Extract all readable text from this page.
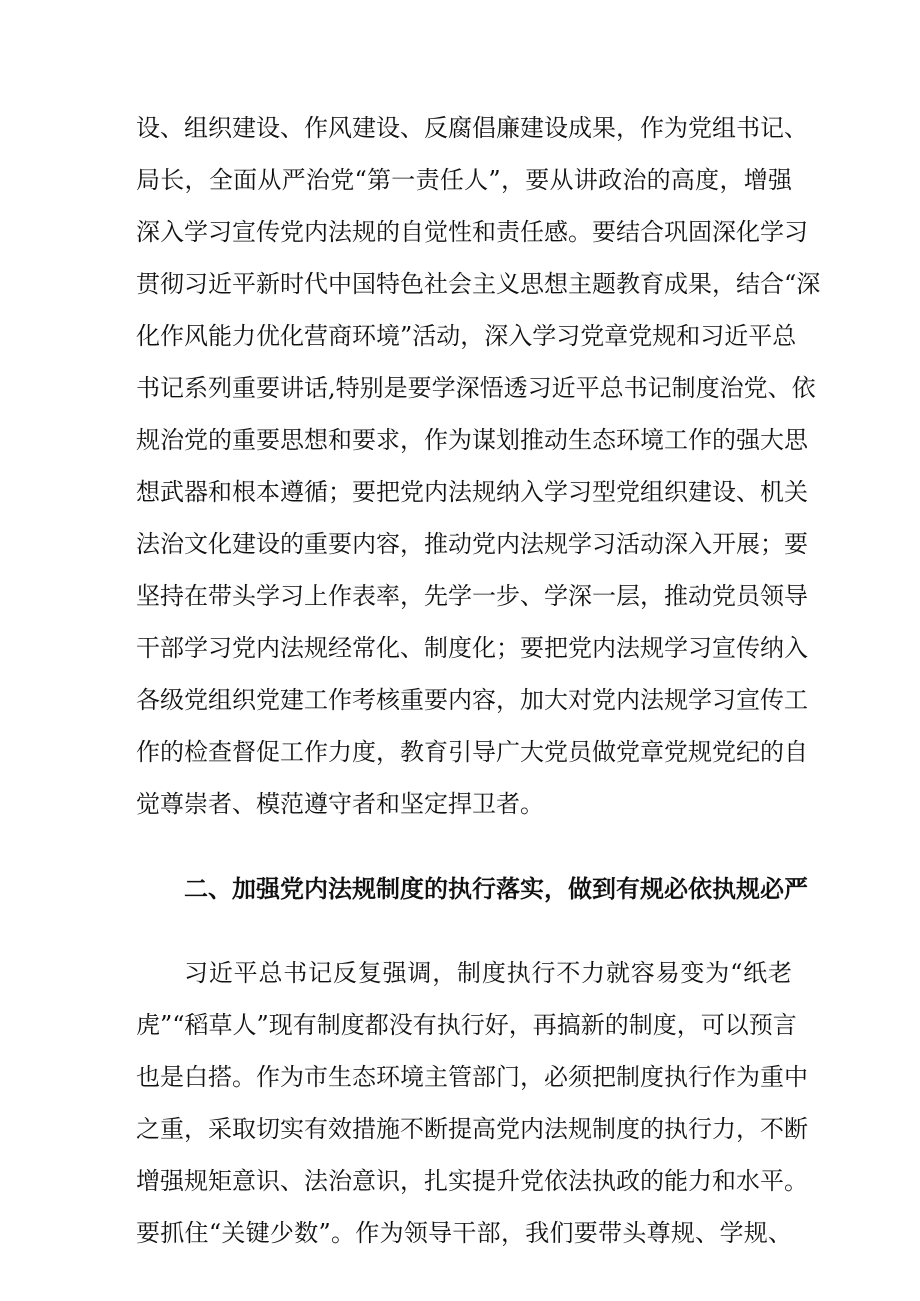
设、组织建设、作风建设、反腐倡廉建设成果，作为党组书记、
局长，全面从严治党“第一责任人”，要从讲政治的高度，增强
深入学习宣传党内法规的自觉性和责任感。要结合巩固深化学习
贯彻习近平新时代中国特色社会主义思想主题教育成果，结合“深
化作风能力优化营商环境”活动，深入学习党章党规和习近平总
书记系列重要讲话,特别是要学深悟透习近平总书记制度治党、依
规治党的重要思想和要求，作为谋划推动生态环境工作的强大思
想武器和根本遵循；要把党内法规纳入学习型党组织建设、机关
法治文化建设的重要内容，推动党内法规学习活动深入开展；要
坚持在带头学习上作表率，先学一步、学深一层，推动党员领导
干部学习党内法规经常化、制度化；要把党内法规学习宣传纳入
各级党组织党建工作考核重要内容，加大对党内法规学习宣传工
作的检查督促工作力度，教育引导广大党员做党章党规党纪的自
觉尊崇者、模范遵守者和坚定捍卫者。
二、加强党内法规制度的执行落实，做到有规必依执规必严
习近平总书记反复强调，制度执行不力就容易变为“纸老
虎”“稻草人”现有制度都没有执行好，再搞新的制度，可以预言
也是白搭。作为市生态环境主管部门，必须把制度执行作为重中
之重，采取切实有效措施不断提高党内法规制度的执行力，不断
增强规矩意识、法治意识，扎实提升党依法执政的能力和水平。
要抓住“关键少数”。作为领导干部，我们要带头尊规、学规、
